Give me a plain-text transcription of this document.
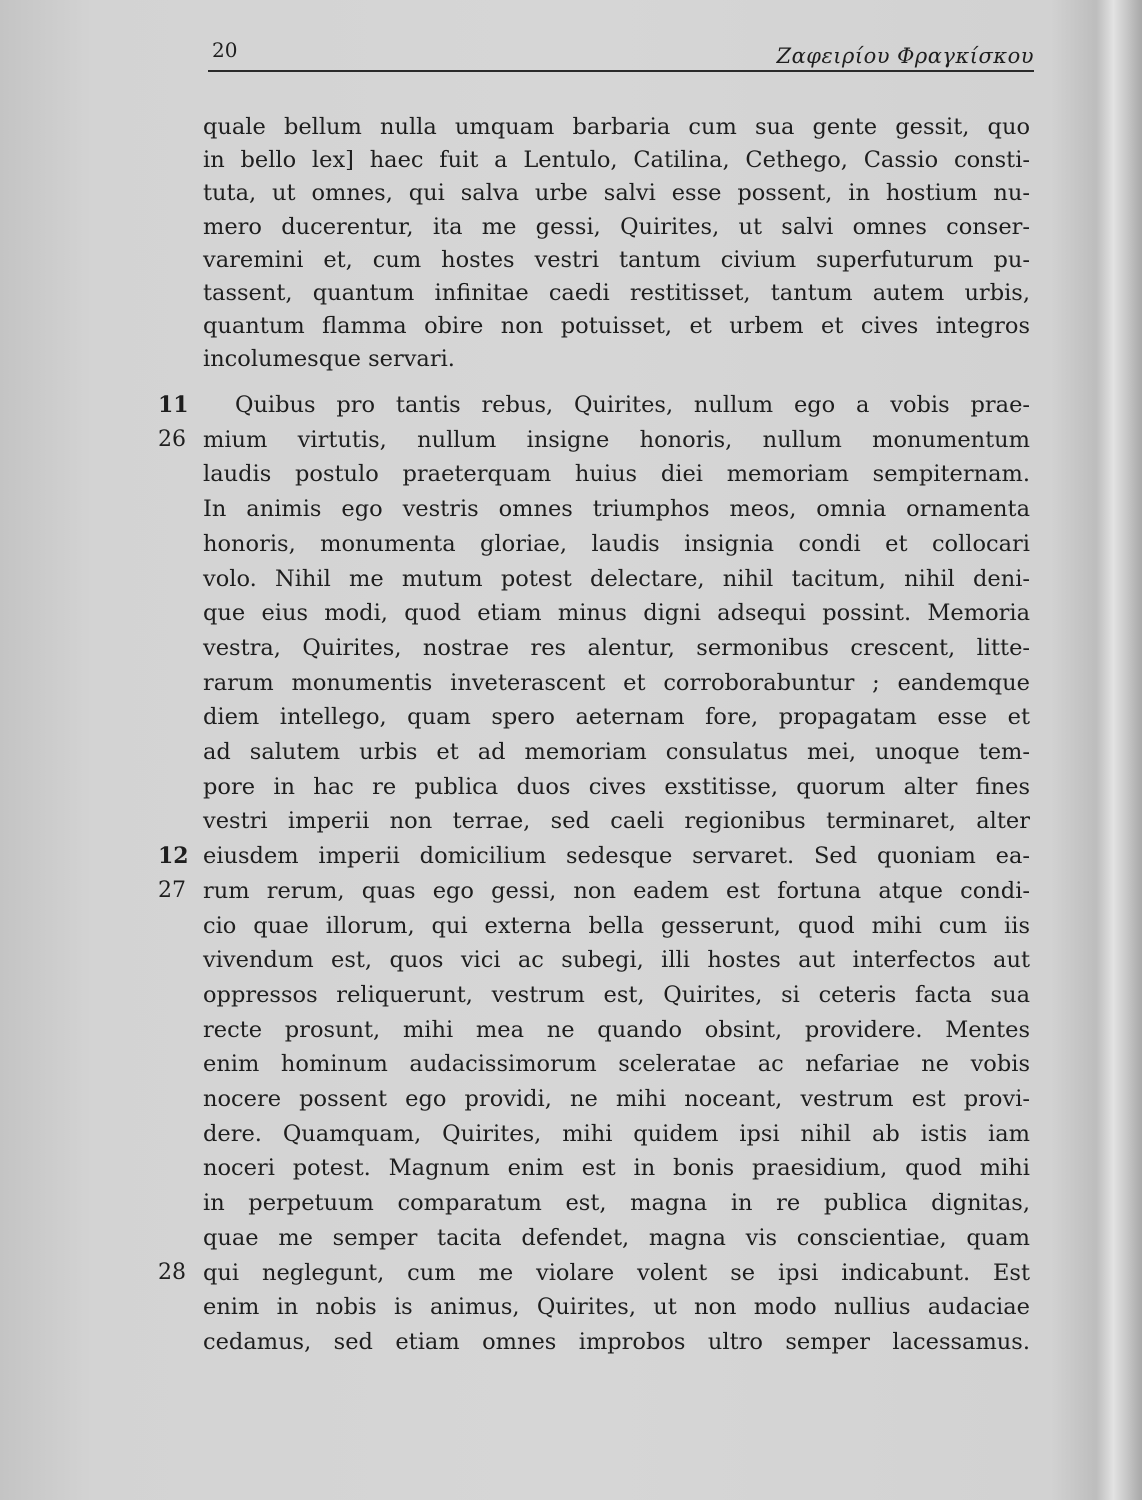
20	Ζαφειρίου Φραγκίσκου
quale bellum nulla umquam barbaria cum sua gente gessit, quo
in bello lex] haec fuit a Lentulo, Catilina, Cethego, Cassio consti-
tuta, ut omnes, qui salva urbe salvi esse possent, in hostium nu-
mero ducerentur, ita me gessi, Quirites, ut salvi omnes conser-
varemini et, cum hostes vestri tantum civium superfuturum pu-
tassent, quantum infinitae caedi restitisset, tantum autem urbis,
quantum flamma obire non potuisset, et urbem et cives integros
incolumesque servari.
Quibus pro tantis rebus, Quirites, nullum ego a vobis prae-
mium virtutis, nullum insigne honoris, nullum monumentum
laudis postulo praeterquam huius diei memoriam sempiternam.
In animis ego vestris omnes triumphos meos, omnia ornamenta
honoris, monumenta gloriae, laudis insignia condi et collocari
volo. Nihil me mutum potest delectare, nihil tacitum, nihil deni-
que eius modi, quod etiam minus digni adsequi possint. Memoria
vestra, Quirites, nostrae res alentur, sermonibus crescent, litte-
rarum monumentis inveterascent et corroborabuntur ; eandemque
diem intellego, quam spero aeternam fore, propagatam esse et
ad salutem urbis et ad memoriam consulatus mei, unoque tem-
pore in hac re publica duos cives exstitisse, quorum alter fines
vestri imperii non terrae, sed caeli regionibus terminaret, alter
eiusdem imperii domicilium sedesque servaret. Sed quoniam ea-
rum rerum, quas ego gessi, non eadem est fortuna atque condi-
cio quae illorum, qui externa bella gesserunt, quod mihi cum iis
vivendum est, quos vici ac subegi, illi hostes aut interfectos aut
oppressos reliquerunt, vestrum est, Quirites, si ceteris facta sua
recte prosunt, mihi mea ne quando obsint, providere. Mentes
enim hominum audacissimorum sceleratae ac nefariae ne vobis
nocere possent ego providi, ne mihi noceant, vestrum est provi-
dere. Quamquam, Quirites, mihi quidem ipsi nihil ab istis iam
noceri potest. Magnum enim est in bonis praesidium, quod mihi
in perpetuum comparatum est, magna in re publica dignitas,
quae me semper tacita defendet, magna vis conscientiae, quam
qui neglegunt, cum me violare volent se ipsi indicabunt. Est
enim in nobis is animus, Quirites, ut non modo nullius audaciae
cedamus, sed etiam omnes improbos ultro semper lacessamus.
11
26
12
27
28
